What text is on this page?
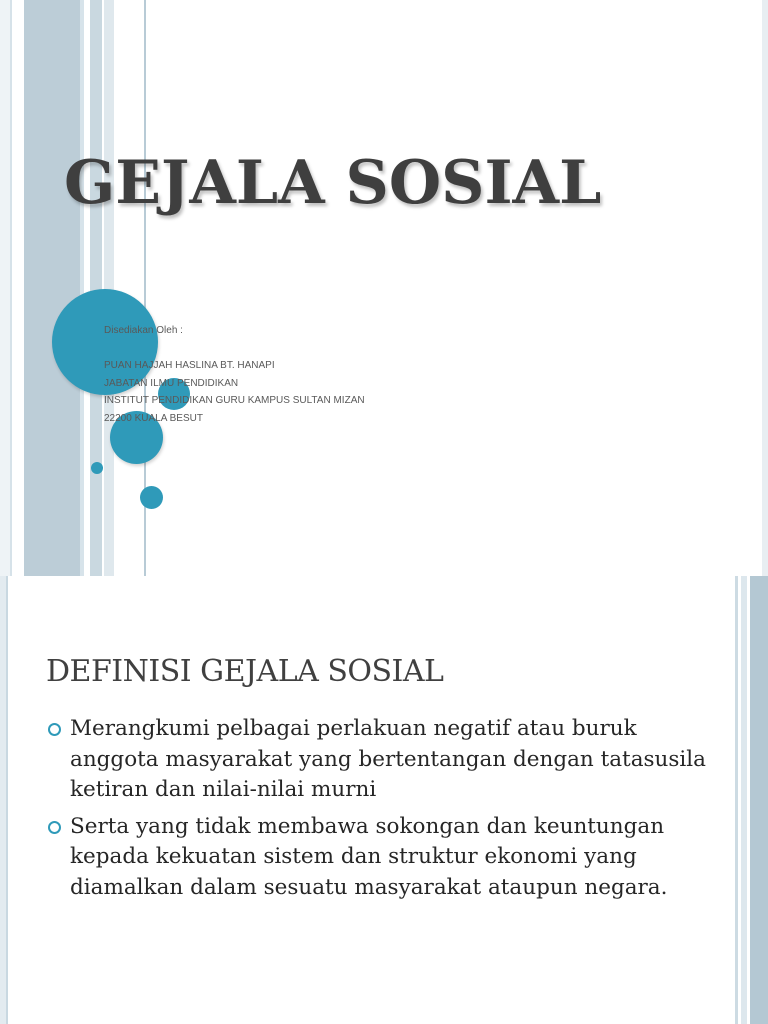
GEJALA SOSIAL
Disediakan Oleh :
PUAN HAJJAH HASLINA BT. HANAPI
JABATAN ILMU PENDIDIKAN
INSTITUT PENDIDIKAN GURU KAMPUS SULTAN MIZAN
22200 KUALA BESUT
DEFINISI GEJALA SOSIAL
Merangkumi pelbagai perlakuan negatif atau buruk anggota masyarakat yang bertentangan dengan tatasusila ketiran dan nilai-nilai murni
Serta yang tidak membawa sokongan dan keuntungan kepada kekuatan sistem dan struktur ekonomi yang diamalkan dalam sesuatu masyarakat ataupun negara.
